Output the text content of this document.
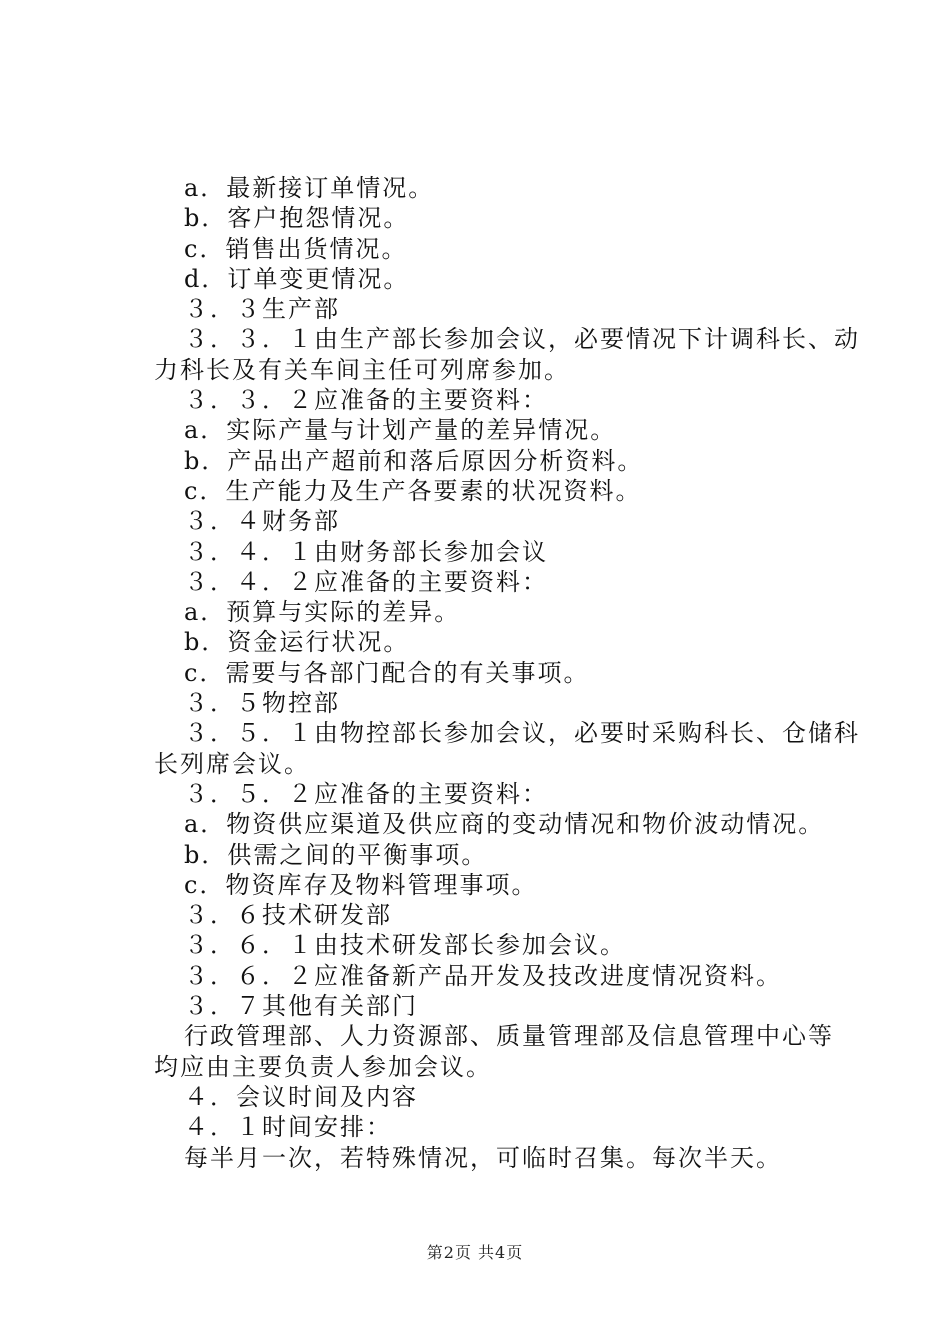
a．最新接订单情况。
b．客户抱怨情况。
c．销售出货情况。
d．订单变更情况。
３．３生产部
３．３．１由生产部长参加会议，必要情况下计调科长、动
力科长及有关车间主任可列席参加。
３．３．２应准备的主要资料：
a．实际产量与计划产量的差异情况。
b．产品出产超前和落后原因分析资料。
c．生产能力及生产各要素的状况资料。
３．４财务部
３．４．１由财务部长参加会议
３．４．２应准备的主要资料：
a．预算与实际的差异。
b．资金运行状况。
c．需要与各部门配合的有关事项。
３．５物控部
３．５．１由物控部长参加会议，必要时采购科长、仓储科
长列席会议。
３．５．２应准备的主要资料：
a．物资供应渠道及供应商的变动情况和物价波动情况。
b．供需之间的平衡事项。
c．物资库存及物料管理事项。
３．６技术研发部
３．６．１由技术研发部长参加会议。
３．６．２应准备新产品开发及技改进度情况资料。
３．７其他有关部门
行政管理部、人力资源部、质量管理部及信息管理中心等
均应由主要负责人参加会议。
４．会议时间及内容
４．１时间安排：
每半月一次，若特殊情况，可临时召集。每次半天。
第2页 共4页
